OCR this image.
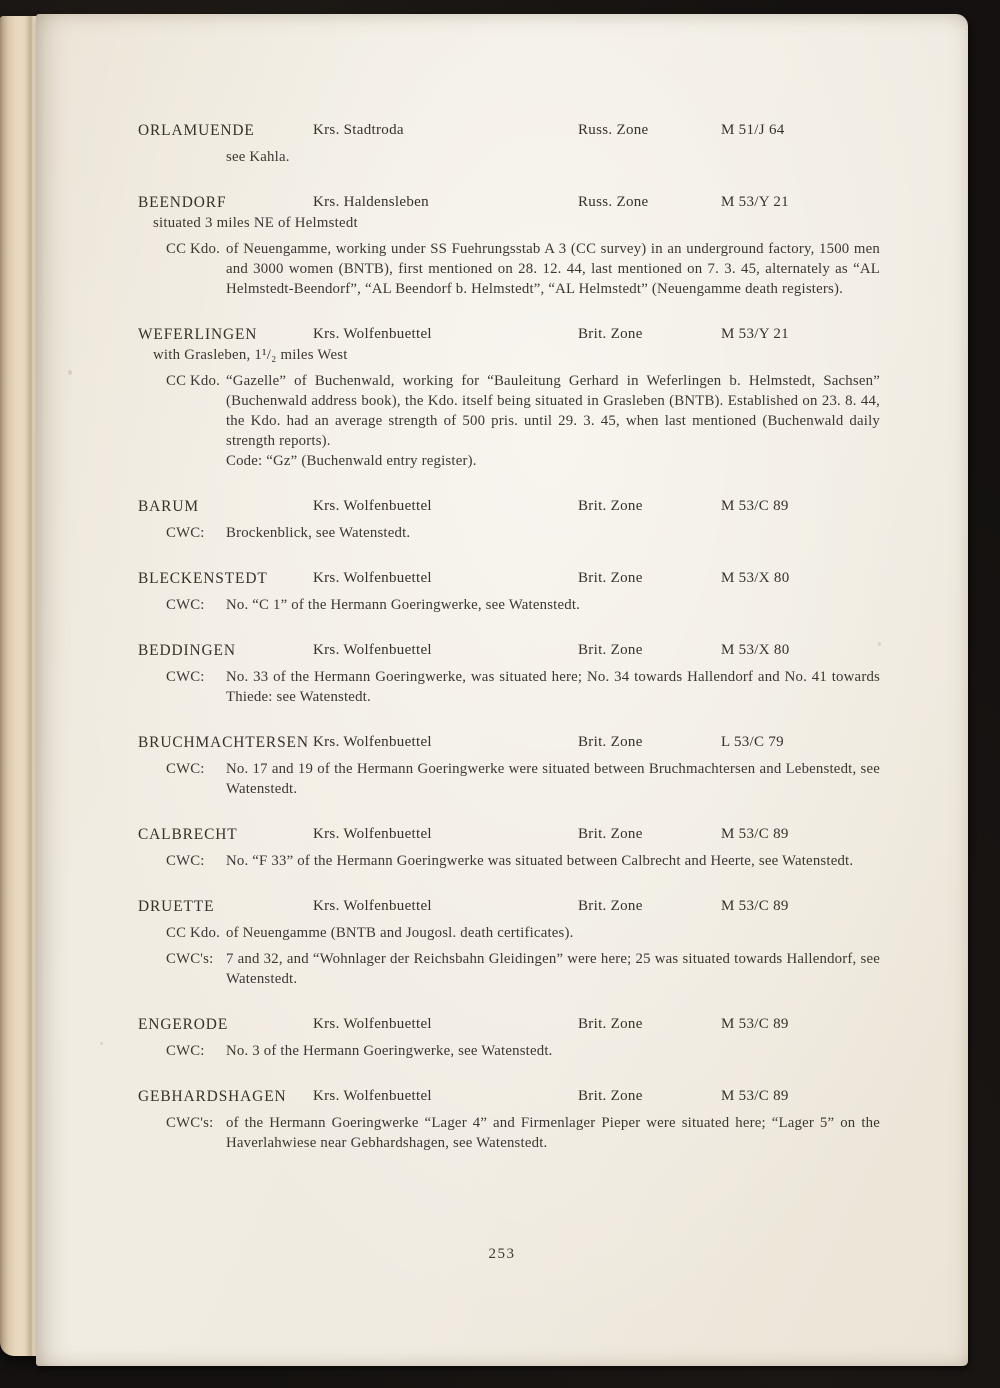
ORLAMUENDE	Krs. Stadtroda	Russ. Zone	M 51/J 64
see Kahla.
BEENDORF	Krs. Haldensleben	Russ. Zone	M 53/Y 21
situated 3 miles NE of Helmstedt
CC Kdo. of Neuengamme, working under SS Fuehrungsstab A 3 (CC survey) in an underground factory, 1500 men and 3000 women (BNTB), first mentioned on 28. 12. 44, last mentioned on 7. 3. 45, alternately as “AL Helmstedt-Beendorf”, “AL Beendorf b. Helmstedt”, “AL Helmstedt” (Neuengamme death registers).
WEFERLINGEN	Krs. Wolfenbuettel	Brit. Zone	M 53/Y 21
with Grasleben, 1¹/₂ miles West
CC Kdo. “Gazelle” of Buchenwald, working for “Bauleitung Gerhard in Weferlingen b. Helmstedt, Sachsen” (Buchenwald address book), the Kdo. itself being situated in Grasleben (BNTB). Established on 23. 8. 44, the Kdo. had an average strength of 500 pris. until 29. 3. 45, when last mentioned (Buchenwald daily strength reports).
Code: “Gz” (Buchenwald entry register).
BARUM	Krs. Wolfenbuettel	Brit. Zone	M 53/C 89
CWC: Brockenblick, see Watenstedt.
BLECKENSTEDT	Krs. Wolfenbuettel	Brit. Zone	M 53/X 80
CWC: No. “C 1” of the Hermann Goeringwerke, see Watenstedt.
BEDDINGEN	Krs. Wolfenbuettel	Brit. Zone	M 53/X 80
CWC: No. 33 of the Hermann Goeringwerke, was situated here; No. 34 towards Hallendorf and No. 41 towards Thiede: see Watenstedt.
BRUCHMACHTERSEN Krs. Wolfenbuettel	Brit. Zone	L 53/C 79
CWC: No. 17 and 19 of the Hermann Goeringwerke were situated between Bruchmachtersen and Lebenstedt, see Watenstedt.
CALBRECHT	Krs. Wolfenbuettel	Brit. Zone	M 53/C 89
CWC: No. “F 33” of the Hermann Goeringwerke was situated between Calbrecht and Heerte, see Watenstedt.
DRUETTE	Krs. Wolfenbuettel	Brit. Zone	M 53/C 89
CC Kdo. of Neuengamme (BNTB and Jougosl. death certificates).
CWC's: 7 and 32, and “Wohnlager der Reichsbahn Gleidingen” were here; 25 was situated towards Hallendorf, see Watenstedt.
ENGERODE	Krs. Wolfenbuettel	Brit. Zone	M 53/C 89
CWC: No. 3 of the Hermann Goeringwerke, see Watenstedt.
GEBHARDSHAGEN	Krs. Wolfenbuettel	Brit. Zone	M 53/C 89
CWC's: of the Hermann Goeringwerke “Lager 4” and Firmenlager Pieper were situated here; “Lager 5” on the Haverlahwiese near Gebhardshagen, see Watenstedt.
253
